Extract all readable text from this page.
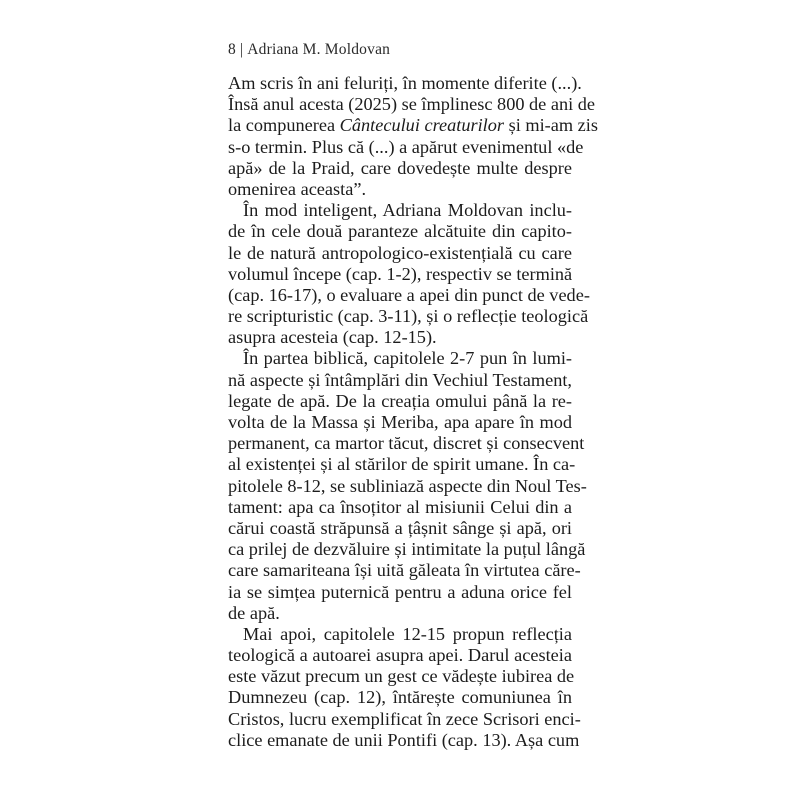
8 | Adriana M. Moldovan
Am scris în ani feluriți, în momente diferite (...).
Însă anul acesta (2025) se împlinesc 800 de ani de
la compunerea Cântecului creaturilor și mi-am zis
s-o termin. Plus că (...) a apărut evenimentul «de
apă» de la Praid, care dovedește multe despre
omenirea aceasta”.
În mod inteligent, Adriana Moldovan inclu-
de în cele două paranteze alcătuite din capito-
le de natură antropologico-existențială cu care
volumul începe (cap. 1-2), respectiv se termină
(cap. 16-17), o evaluare a apei din punct de vede-
re scripturistic (cap. 3-11), și o reflecție teologică
asupra acesteia (cap. 12-15).
În partea biblică, capitolele 2-7 pun în lumi-
nă aspecte și întâmplări din Vechiul Testament,
legate de apă. De la creația omului până la re-
volta de la Massa și Meriba, apa apare în mod
permanent, ca martor tăcut, discret și consecvent
al existenței și al stărilor de spirit umane. În ca-
pitolele 8-12, se subliniază aspecte din Noul Tes-
tament: apa ca însoțitor al misiunii Celui din a
cărui coastă străpunsă a țâșnit sânge și apă, ori
ca prilej de dezvăluire și intimitate la puțul lângă
care samariteana își uită găleata în virtutea căre-
ia se simțea puternică pentru a aduna orice fel
de apă.
Mai apoi, capitolele 12-15 propun reflecția
teologică a autoarei asupra apei. Darul acesteia
este văzut precum un gest ce vădește iubirea de
Dumnezeu (cap. 12), întărește comuniunea în
Cristos, lucru exemplificat în zece Scrisori enci-
clice emanate de unii Pontifi (cap. 13). Așa cum
